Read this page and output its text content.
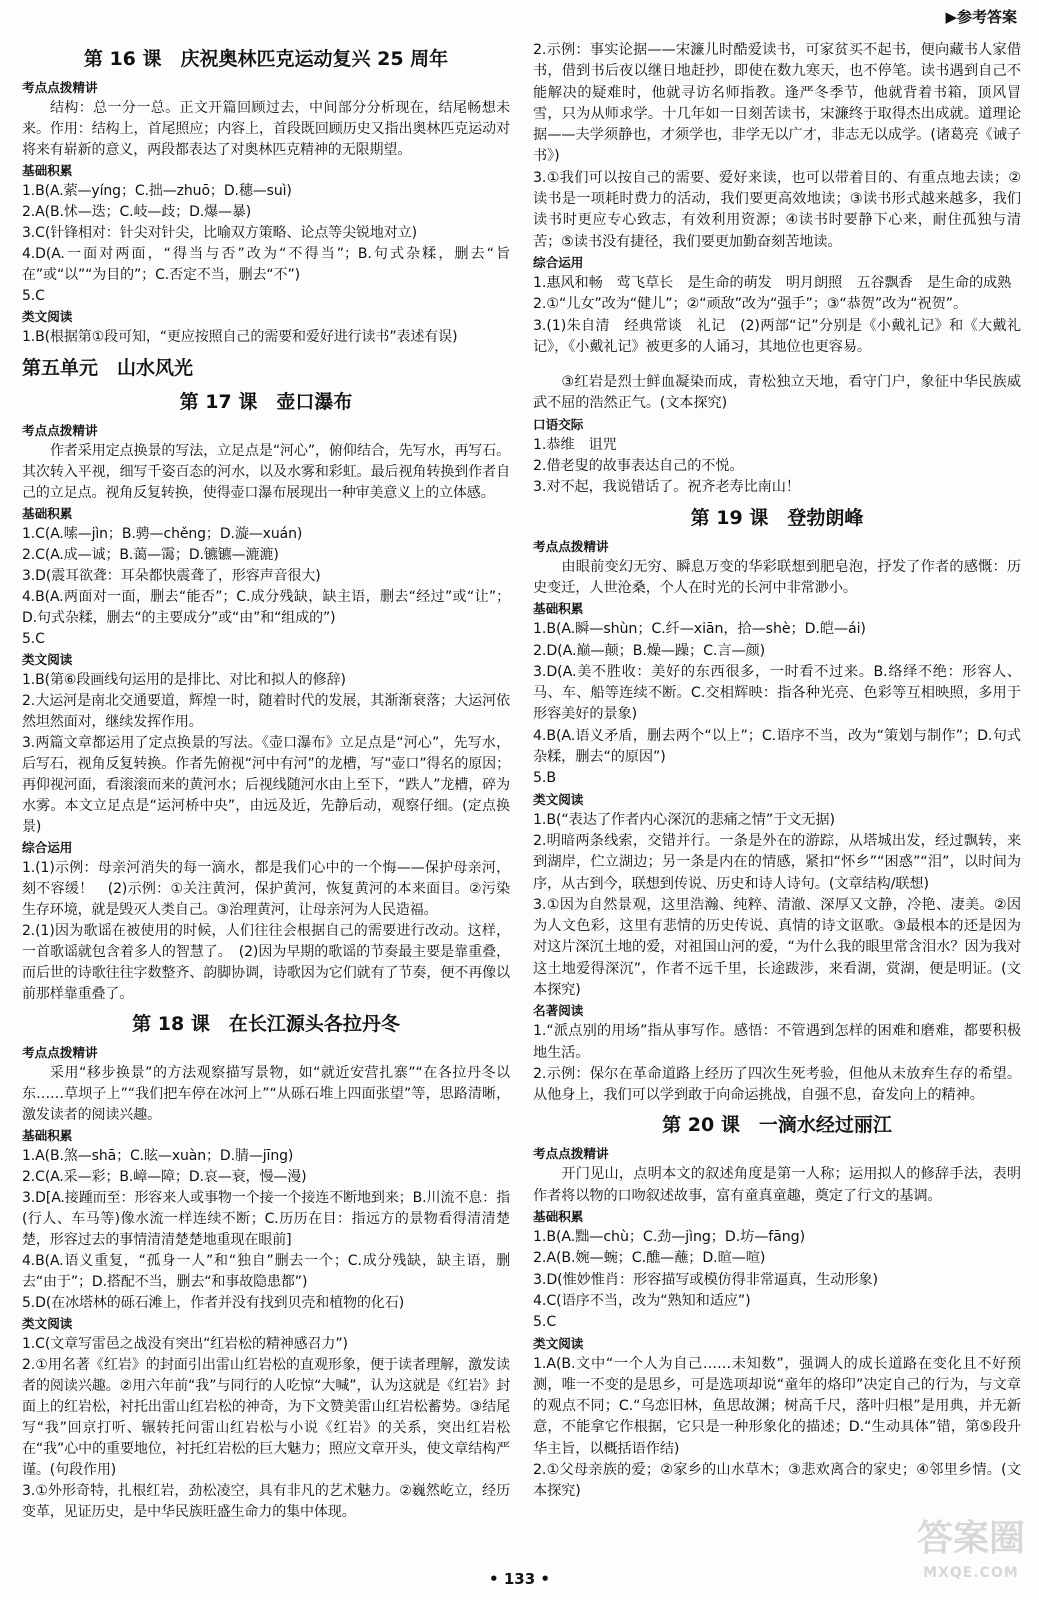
▶参考答案
第 16 课　庆祝奥林匹克运动复兴 25 周年
考点点拨精讲
结构：总一分一总。正文开篇回顾过去，中间部分分析现在，结尾畅想未来。作用：结构上，首尾照应；内容上，首段既回顾历史又指出奥林匹克运动对将来有崭新的意义，两段都表达了对奥林匹克精神的无限期望。
基础积累
1.B(A.萦—yíng；C.拙—zhuō；D.穗—suì)
2.A(B.怵—迭；C.岐—歧；D.爆—暴)
3.C(针锋相对：针尖对针尖，比喻双方策略、论点等尖锐地对立)
4.D(A.一面对两面，“得当与否”改为“不得当”；B.句式杂糅，删去“旨在”或“以”“为目的”；C.否定不当，删去“不”)
5.C
类文阅读
1.B(根据第①段可知，“更应按照自己的需要和爱好进行读书”表述有误)
第五单元　山水风光
第 17 课　壶口瀑布
考点点拨精讲
作者采用定点换景的写法，立足点是“河心”，俯仰结合，先写水，再写石。其次转入平视，细写千姿百态的河水，以及水雾和彩虹。最后视角转换到作者自己的立足点。视角反复转换，使得壶口瀑布展现出一种审美意义上的立体感。
基础积累
1.C(A.嗦—jìn；B.骋—chěng；D.漩—xuán)
2.C(A.成—诚；B.蔼—霭；D.镳镳—漉漉)
3.D(震耳欲聋：耳朵都快震聋了，形容声音很大)
4.B(A.两面对一面，删去“能否”；C.成分残缺，缺主语，删去“经过”或“让”；D.句式杂糅，删去“的主要成分”或“由”和“组成的”)
5.C
类文阅读
1.B(第⑥段画线句运用的是排比、对比和拟人的修辞)
2.大运河是南北交通要道，辉煌一时，随着时代的发展，其渐渐衰落；大运河依然坦然面对，继续发挥作用。
3.两篇文章都运用了定点换景的写法。《壶口瀑布》立足点是“河心”，先写水，后写石，视角反复转换。作者先俯视“河中有河”的龙槽，写“壶口”得名的原因；再仰视河面，看滚滚而来的黄河水；后视线随河水由上至下，“跌人”龙槽，碎为水雾。本文立足点是“运河桥中央”，由远及近，先静后动，观察仔细。(定点换景)
综合运用
1.(1)示例：母亲河消失的每一滴水，都是我们心中的一个悔——保护母亲河，刻不容缓！　(2)示例：①关注黄河，保护黄河，恢复黄河的本来面目。②污染生存环境，就是毁灭人类自己。③治理黄河，让母亲河为人民造福。
2.(1)因为歌谣在被使用的时候，人们往往会根据自己的需要进行改动。这样，一首歌谣就包含着多人的智慧了。　(2)因为早期的歌谣的节奏最主要是靠重叠，而后世的诗歌往往字数整齐、韵脚协调，诗歌因为它们就有了节奏，便不再像以前那样靠重叠了。
第 18 课　在长江源头各拉丹冬
考点点拨精讲
采用“移步换景”的方法观察描写景物，如“就近安营扎寨”“在各拉丹冬以东……草坝子上”“我们把车停在冰河上”“从砾石堆上四面张望”等，思路清晰，激发读者的阅读兴趣。
基础积累
1.A(B.煞—shā；C.眩—xuàn；D.腈—jīng)
2.C(A.采—彩；B.嶂—障；D.哀—衰，慢—漫)
3.D[A.接踵而至：形容来人或事物一个接一个接连不断地到来；B.川流不息：指(行人、车马等)像水流一样连续不断；C.历历在目：指远方的景物看得清清楚楚，形容过去的事情清清楚楚地重现在眼前]
4.B(A.语义重复，“孤身一人”和“独自”删去一个；C.成分残缺，缺主语，删去“由于”；D.搭配不当，删去“和事故隐患都”)
5.D(在冰塔林的砾石滩上，作者并没有找到贝壳和植物的化石)
类文阅读
1.C(文章写雷邑之战没有突出“红岩松的精神感召力”)
2.①用名著《红岩》的封面引出雷山红岩松的直观形象，便于读者理解，激发读者的阅读兴趣。②用六年前“我”与同行的人吃惊“大喊”，认为这就是《红岩》封面上的红岩松，衬托出雷山红岩松的神奇，为下文赞美雷山红岩松蓄势。③结尾写“我”回京打听、辗转托问雷山红岩松与小说《红岩》的关系，突出红岩松在“我”心中的重要地位，衬托红岩松的巨大魅力；照应文章开头，使文章结构严谨。(句段作用)
3.①外形奇特，扎根红岩，劲松凌空，具有非凡的艺术魅力。②巍然屹立，经历变革，见证历史，是中华民族旺盛生命力的集中体现。
2.示例：事实论据——宋濂儿时酷爱读书，可家贫买不起书，便向藏书人家借书，借到书后夜以继日地赶抄，即使在数九寒天，也不停笔。读书遇到自己不能解决的疑难时，他就寻访名师指教。逢严冬季节，他就背着书箱，顶风冒雪，只为从师求学。十几年如一日刻苦读书，宋濂终于取得杰出成就。道理论据——夫学须静也，才须学也，非学无以广才，非志无以成学。(诸葛亮《诫子书》)
3.①我们可以按自己的需要、爱好来读，也可以带着目的、有重点地去读；②读书是一项耗时费力的活动，我们要更高效地读；③读书形式越来越多，我们读书时更应专心致志，有效利用资源；④读书时要静下心来，耐住孤独与清苦；⑤读书没有捷径，我们要更加勤奋刻苦地读。
综合运用
1.惠风和畅　莺飞草长　是生命的萌发　明月朗照　五谷飘香　是生命的成熟
2.①“儿女”改为“健儿”；②“顽敌”改为“强手”；③“恭贺”改为“祝贺”。
3.(1)朱自清　经典常谈　礼记　(2)两部“记”分别是《小戴礼记》和《大戴礼记》，《小戴礼记》被更多的人诵习，其地位也更容易。
③红岩是烈士鲜血凝染而成，青松独立天地，看守门户，象征中华民族威武不屈的浩然正气。(文本探究)
口语交际
1.恭维　诅咒
2.借老叟的故事表达自己的不悦。
3.对不起，我说错话了。祝齐老寿比南山！
第 19 课　登勃朗峰
考点点拨精讲
由眼前变幻无穷、瞬息万变的华彩联想到肥皂泡，抒发了作者的感慨：历史变迁，人世沧桑，个人在时光的长河中非常渺小。
基础积累
1.B(A.瞬—shùn；C.纤—xiān，拾—shè；D.皑—ái)
2.D(A.巅—颠；B.燥—躁；C.言—颜)
3.D(A.美不胜收：美好的东西很多，一时看不过来。B.络绎不绝：形容人、马、车、船等连续不断。C.交相辉映：指各种光亮、色彩等互相映照，多用于形容美好的景象)
4.B(A.语义矛盾，删去两个“以上”；C.语序不当，改为“策划与制作”；D.句式杂糅，删去“的原因”)
5.B
类文阅读
1.B(“表达了作者内心深沉的悲痛之情”于文无据)
2.明暗两条线索，交错并行。一条是外在的游踪，从塔城出发，经过飘转，来到湖岸，伫立湖边；另一条是内在的情感，紧扣“怀乡”“困惑”“泪”，以时间为序，从古到今，联想到传说、历史和诗人诗句。(文章结构/联想)
3.①因为自然景观，这里浩瀚、纯粹、清澈、深厚又文静，冷艳、凄美。②因为人文色彩，这里有悲情的历史传说、真情的诗文讴歌。③最根本的还是因为对这片深沉土地的爱，对祖国山河的爱，“为什么我的眼里常含泪水？因为我对这土地爱得深沉”，作者不远千里，长途跋涉，来看湖，赏湖，便是明证。(文本探究)
名著阅读
1.“派点别的用场”指从事写作。感悟：不管遇到怎样的困难和磨难，都要积极地生活。
2.示例：保尔在革命道路上经历了四次生死考验，但他从未放弃生存的希望。从他身上，我们可以学到敢于向命运挑战，自强不息，奋发向上的精神。
第 20 课　一滴水经过丽江
考点点拨精讲
开门见山，点明本文的叙述角度是第一人称；运用拟人的修辞手法，表明作者将以物的口吻叙述故事，富有童真童趣，奠定了行文的基调。
基础积累
1.B(A.黜—chù；C.劲—jìng；D.坊—fāng)
2.A(B.婉—蜿；C.醮—蘸；D.暄—喧)
3.D(惟妙惟肖：形容描写或模仿得非常逼真，生动形象)
4.C(语序不当，改为“熟知和适应”)
5.C
类文阅读
1.A(B.文中“一个人为自己……未知数”，强调人的成长道路在变化且不好预测，唯一不变的是思乡，可是选项却说“童年的烙印”决定自己的行为，与文章的观点不同；C.“乌恋旧林，鱼思故渊；树高千尺，落叶归根”是用典，并无新意，不能拿它作根据，它只是一种形象化的描述；D.“生动具体”错，第⑤段升华主旨，以概括语作结)
2.①父母亲族的爱；②家乡的山水草木；③悲欢离合的家史；④邻里乡情。(文本探究)
• 133 •
答案圈
MXQE.COM
